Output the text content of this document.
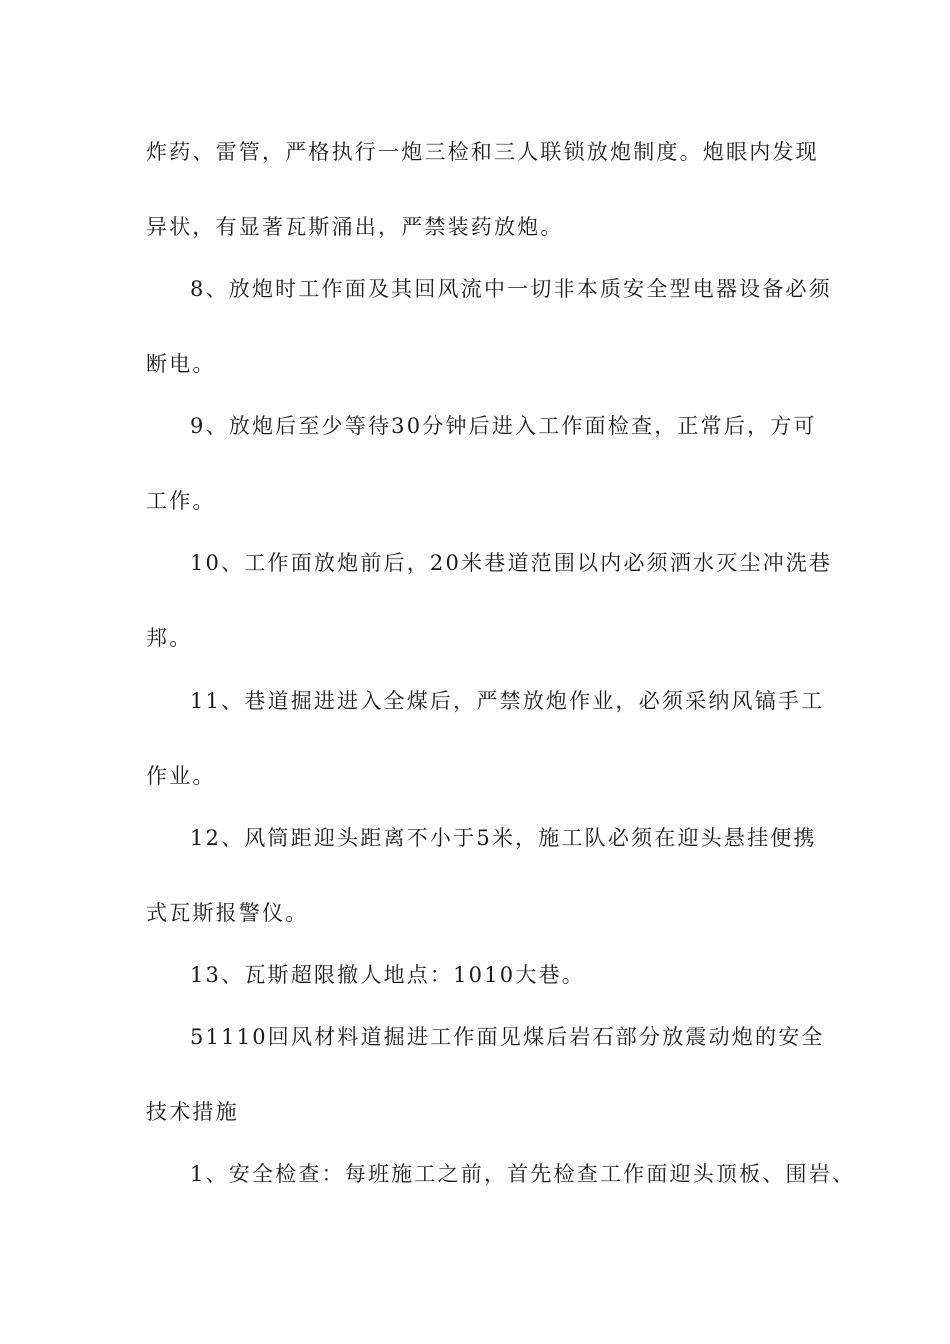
炸药、雷管，严格执行一炮三检和三人联锁放炮制度。炮眼内发现
异状，有显著瓦斯涌出，严禁装药放炮。
8、放炮时工作面及其回风流中一切非本质安全型电器设备必须
断电。
9、放炮后至少等待30分钟后进入工作面检查，正常后，方可
工作。
10、工作面放炮前后，20米巷道范围以内必须洒水灭尘冲洗巷
邦。
11、巷道掘进进入全煤后，严禁放炮作业，必须采纳风镐手工
作业。
12、风筒距迎头距离不小于5米，施工队必须在迎头悬挂便携
式瓦斯报警仪。
13、瓦斯超限撤人地点：1010大巷。
51110回风材料道掘进工作面见煤后岩石部分放震动炮的安全
技术措施
1、安全检查：每班施工之前，首先检查工作面迎头顶板、围岩、
